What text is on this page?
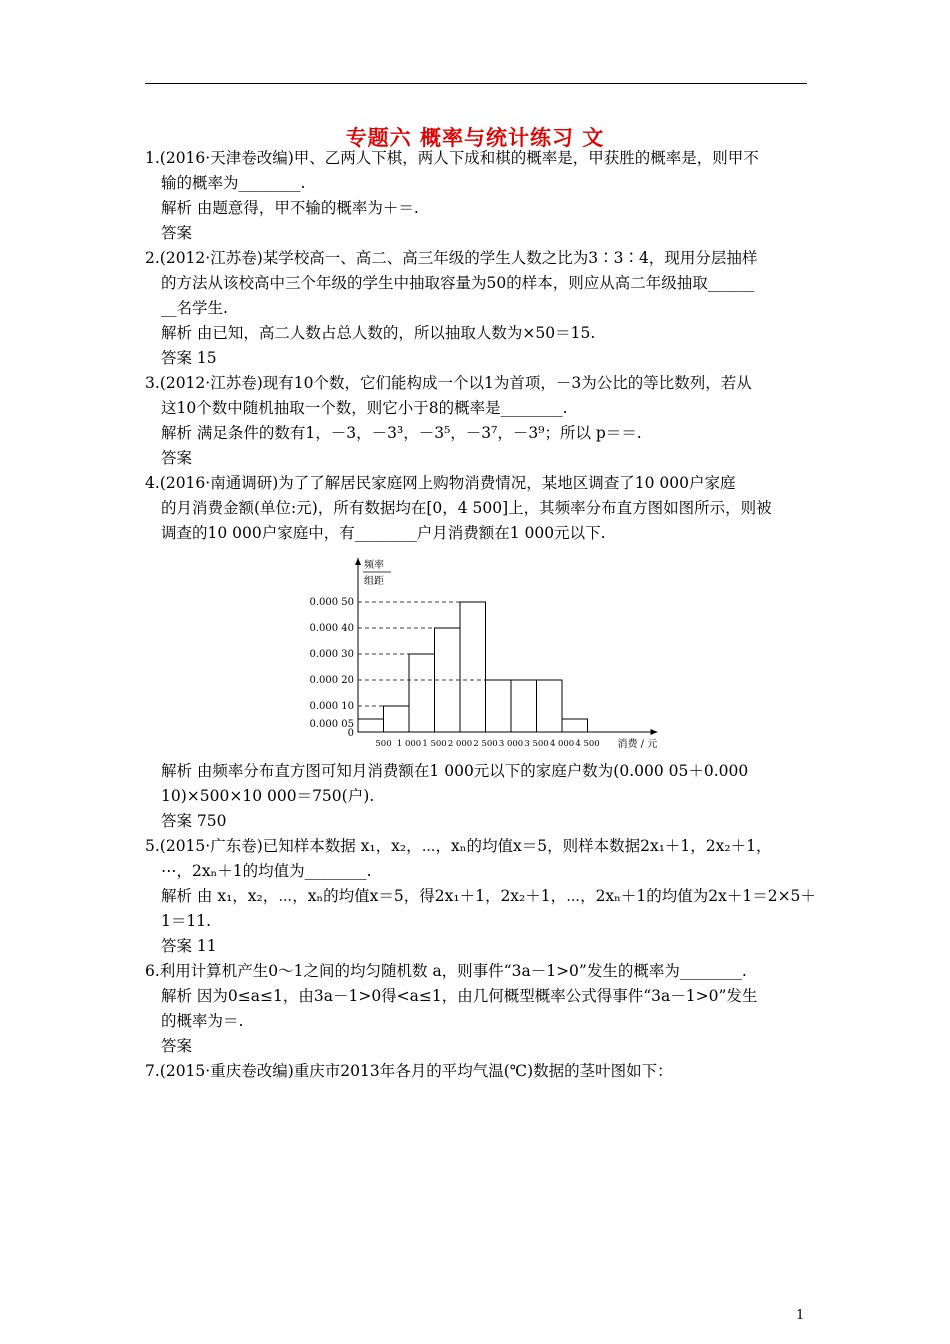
专题六 概率与统计练习 文
1.(2016·天津卷改编)甲、乙两人下棋，两人下成和棋的概率是，甲获胜的概率是，则甲不
输的概率为________.
解析 由题意得，甲不输的概率为＋＝.
答案
2.(2012·江苏卷)某学校高一、高二、高三年级的学生人数之比为3∶3∶4，现用分层抽样
的方法从该校高中三个年级的学生中抽取容量为50的样本，则应从高二年级抽取______
__名学生.
解析 由已知，高二人数占总人数的，所以抽取人数为×50＝15.
答案 15
3.(2012·江苏卷)现有10个数，它们能构成一个以1为首项，－3为公比的等比数列，若从
这10个数中随机抽取一个数，则它小于8的概率是________.
解析 满足条件的数有1，－3，－3³，－3⁵，－3⁷，－3⁹；所以 p＝＝.
答案
4.(2016·南通调研)为了了解居民家庭网上购物消费情况，某地区调查了10 000户家庭
的月消费金额(单位:元)，所有数据均在[0，4 500]上，其频率分布直方图如图所示，则被
调查的10 000户家庭中，有________户月消费额在1 000元以下.
0.000 05
0.000 10
0.000 20
0.000 30
0.000 40
0.000 50
0
500 1 000 1 500 2 000 2 500 3 000 3 500 4 000 4 500 消费 / 元
频率
组距
解析 由频率分布直方图可知月消费额在1 000元以下的家庭户数为(0.000 05＋0.000
10)×500×10 000＝750(户).
答案 750
5.(2015·广东卷)已知样本数据 x₁，x₂，⋯，xₙ的均值x＝5，则样本数据2x₁＋1，2x₂＋1，
⋯，2xₙ＋1的均值为________.
解析 由 x₁，x₂，⋯，xₙ的均值x＝5，得2x₁＋1，2x₂＋1，⋯，2xₙ＋1的均值为2x＋1＝2×5＋
1＝11.
答案 11
6.利用计算机产生0～1之间的均匀随机数 a，则事件“3a－1>0”发生的概率为________.
解析 因为0≤a≤1，由3a－1>0得<a≤1，由几何概型概率公式得事件“3a－1>0”发生
的概率为＝.
答案
7.(2015·重庆卷改编)重庆市2013年各月的平均气温(℃)数据的茎叶图如下：
1
